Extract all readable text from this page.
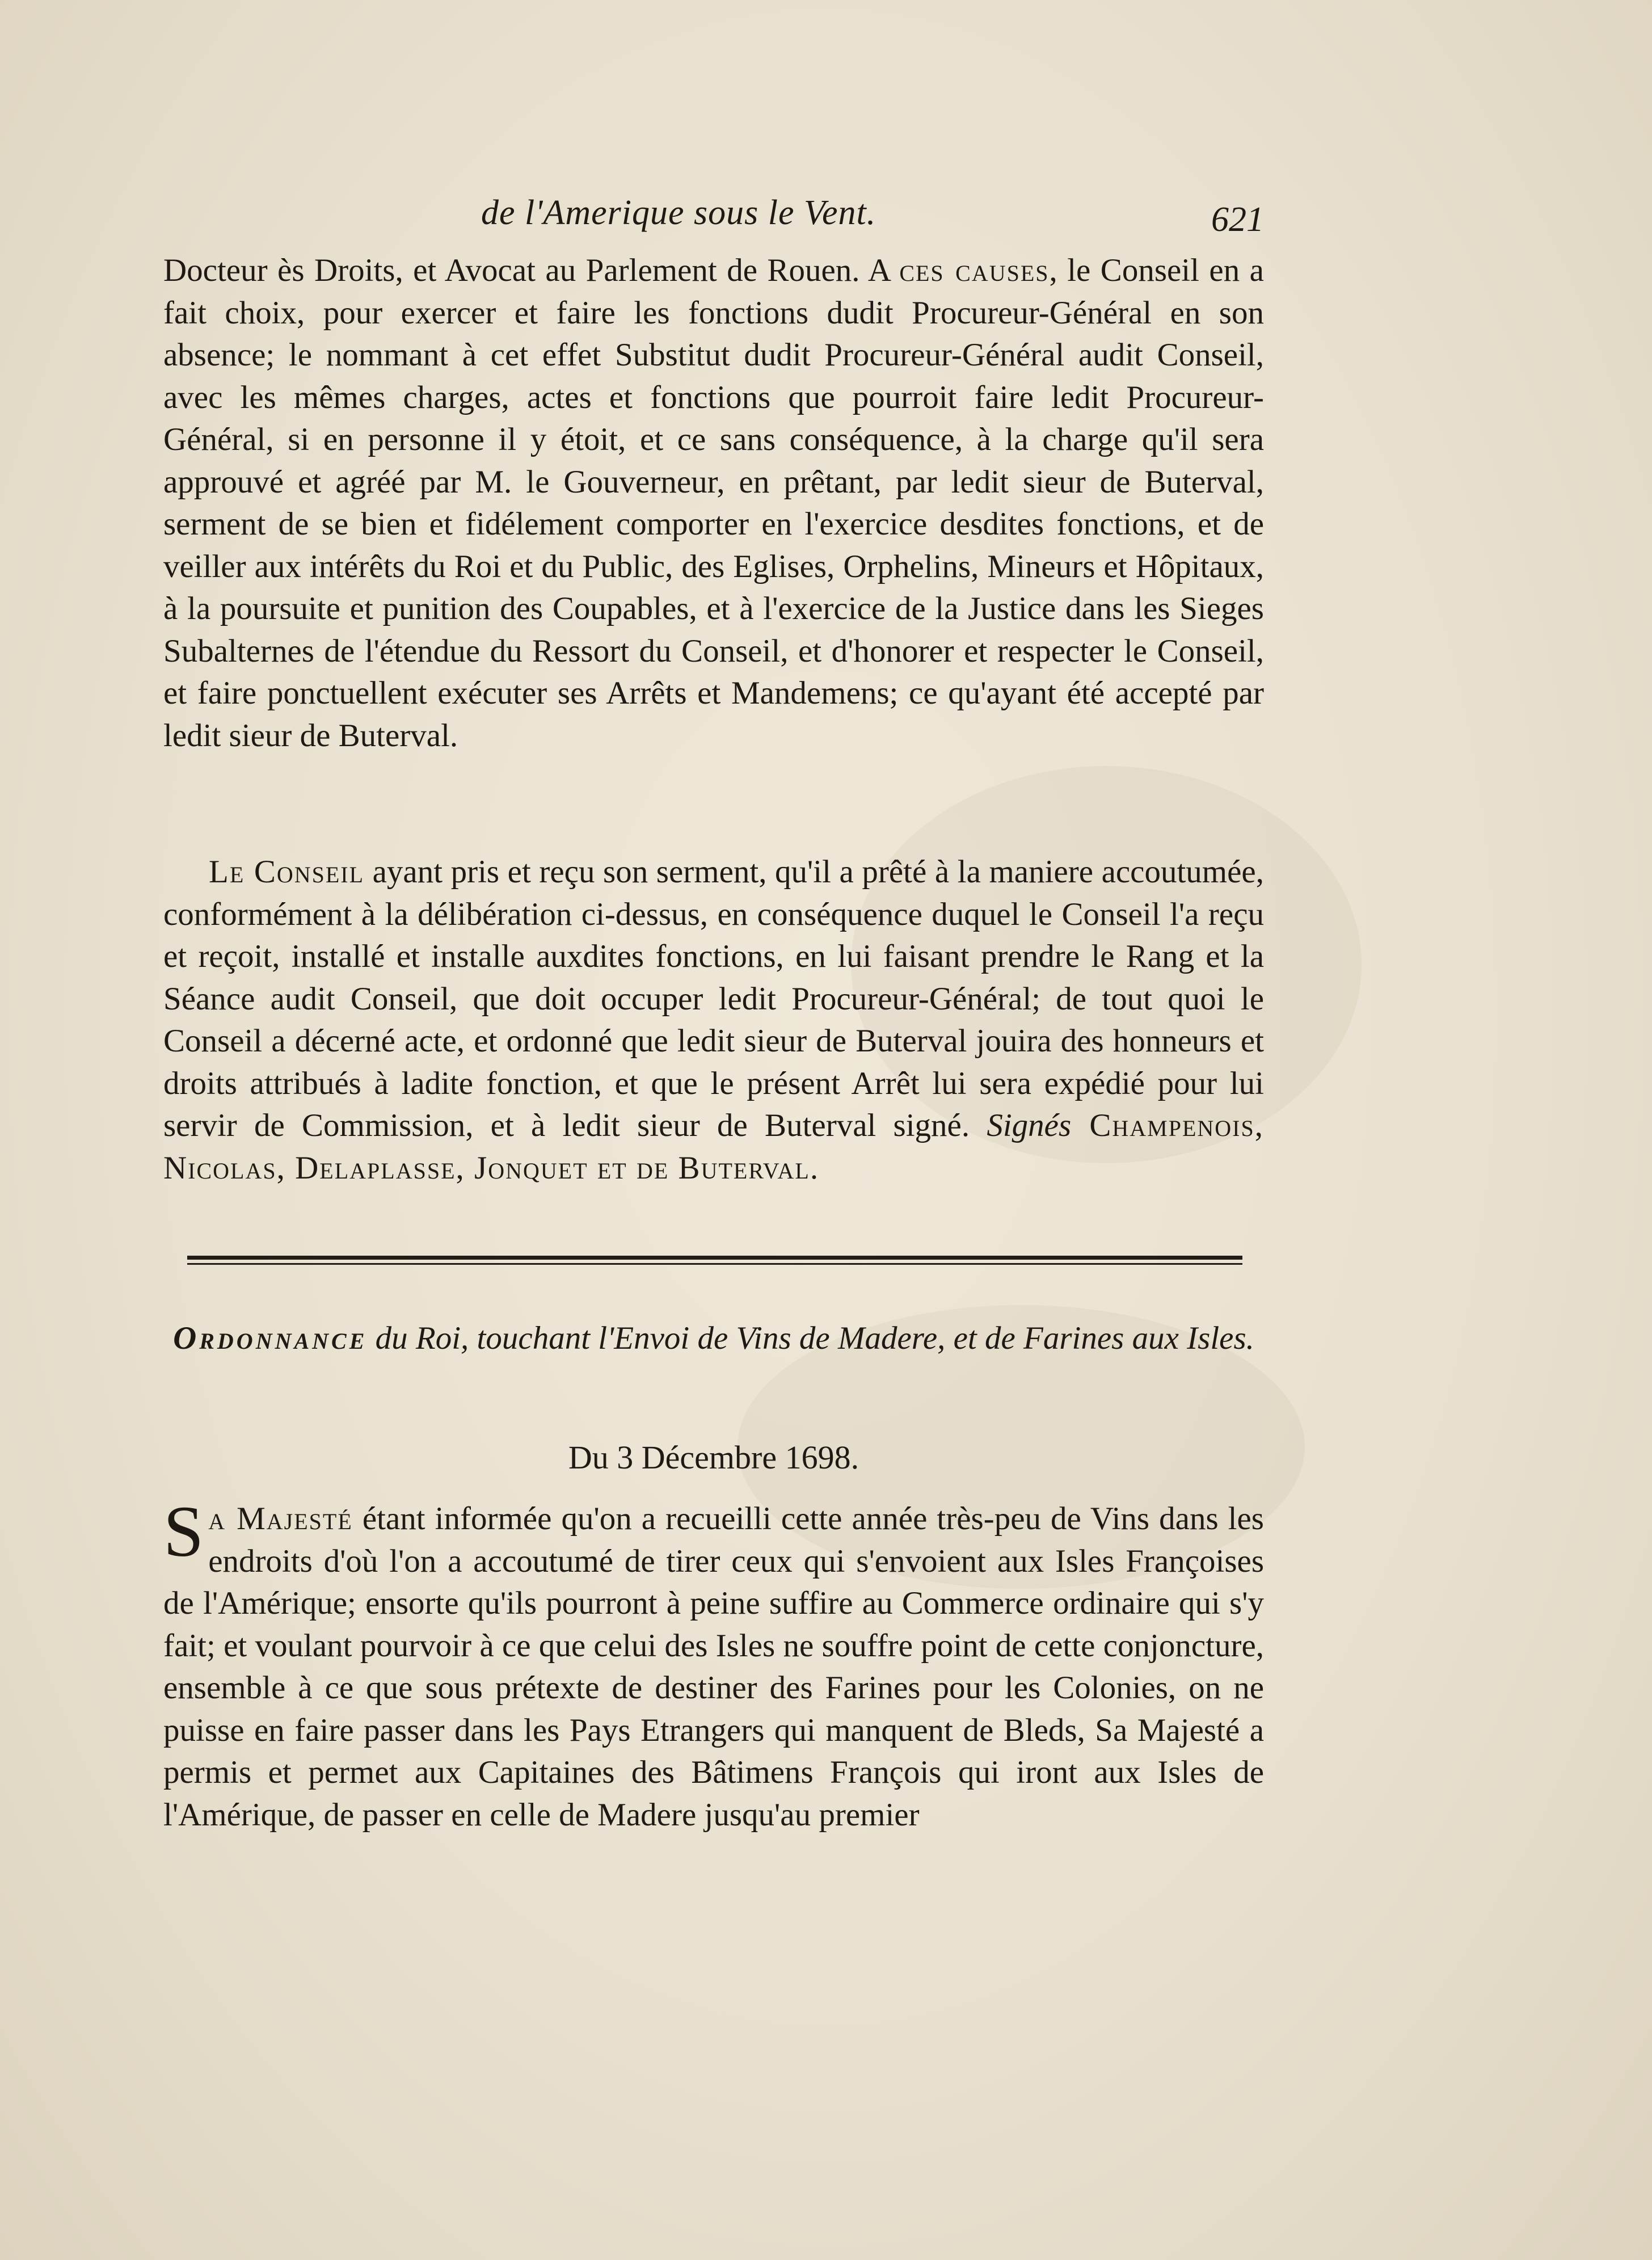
de l'Amerique sous le Vent.	621

Docteur ès Droits, et Avocat au Parlement de Rouen. A ces causes, le Conseil en a fait choix, pour exercer et faire les fonctions dudit Procureur-Général en son absence; le nommant à cet effet Substitut dudit Procureur-Général audit Conseil, avec les mêmes charges, actes et fonctions que pourroit faire ledit Procureur-Général, si en personne il y étoit, et ce sans conséquence, à la charge qu'il sera approuvé et agréé par M. le Gouverneur, en prêtant, par ledit sieur de Buterval, serment de se bien et fidélement comporter en l'exercice desdites fonctions, et de veiller aux intérêts du Roi et du Public, des Eglises, Orphelins, Mineurs et Hôpitaux, à la poursuite et punition des Coupables, et à l'exercice de la Justice dans les Sieges Subalternes de l'étendue du Ressort du Conseil, et d'honorer et respecter le Conseil, et faire ponctuellent exécuter ses Arrêts et Mandemens; ce qu'ayant été accepté par ledit sieur de Buterval.

Le Conseil ayant pris et reçu son serment, qu'il a prêté à la maniere accoutumée, conformément à la délibération ci-dessus, en conséquence duquel le Conseil l'a reçu et reçoit, installé et installe auxdites fonctions, en lui faisant prendre le Rang et la Séance audit Conseil, que doit occuper ledit Procureur-Général; de tout quoi le Conseil a décerné acte, et ordonné que ledit sieur de Buterval jouira des honneurs et droits attribués à ladite fonction, et que le présent Arrêt lui sera expédié pour lui servir de Commission, et à ledit sieur de Buterval signé. Signés Champenois, Nicolas, Delaplasse, Jonquet et de Buterval.

Ordonnance du Roi, touchant l'Envoi de Vins de Madere, et de Farines aux Isles.
Du 3 Décembre 1698.

Sa Majesté étant informée qu'on a recueilli cette année très-peu de Vins dans les endroits d'où l'on a accoutumé de tirer ceux qui s'envoient aux Isles Françoises de l'Amérique; ensorte qu'ils pourront à peine suffire au Commerce ordinaire qui s'y fait; et voulant pourvoir à ce que celui des Isles ne souffre point de cette conjoncture, ensemble à ce que sous prétexte de destiner des Farines pour les Colonies, on ne puisse en faire passer dans les Pays Etrangers qui manquent de Bleds, Sa Majesté a permis et permet aux Capitaines des Bâtimens François qui iront aux Isles de l'Amérique, de passer en celle de Madere jusqu'au premier
